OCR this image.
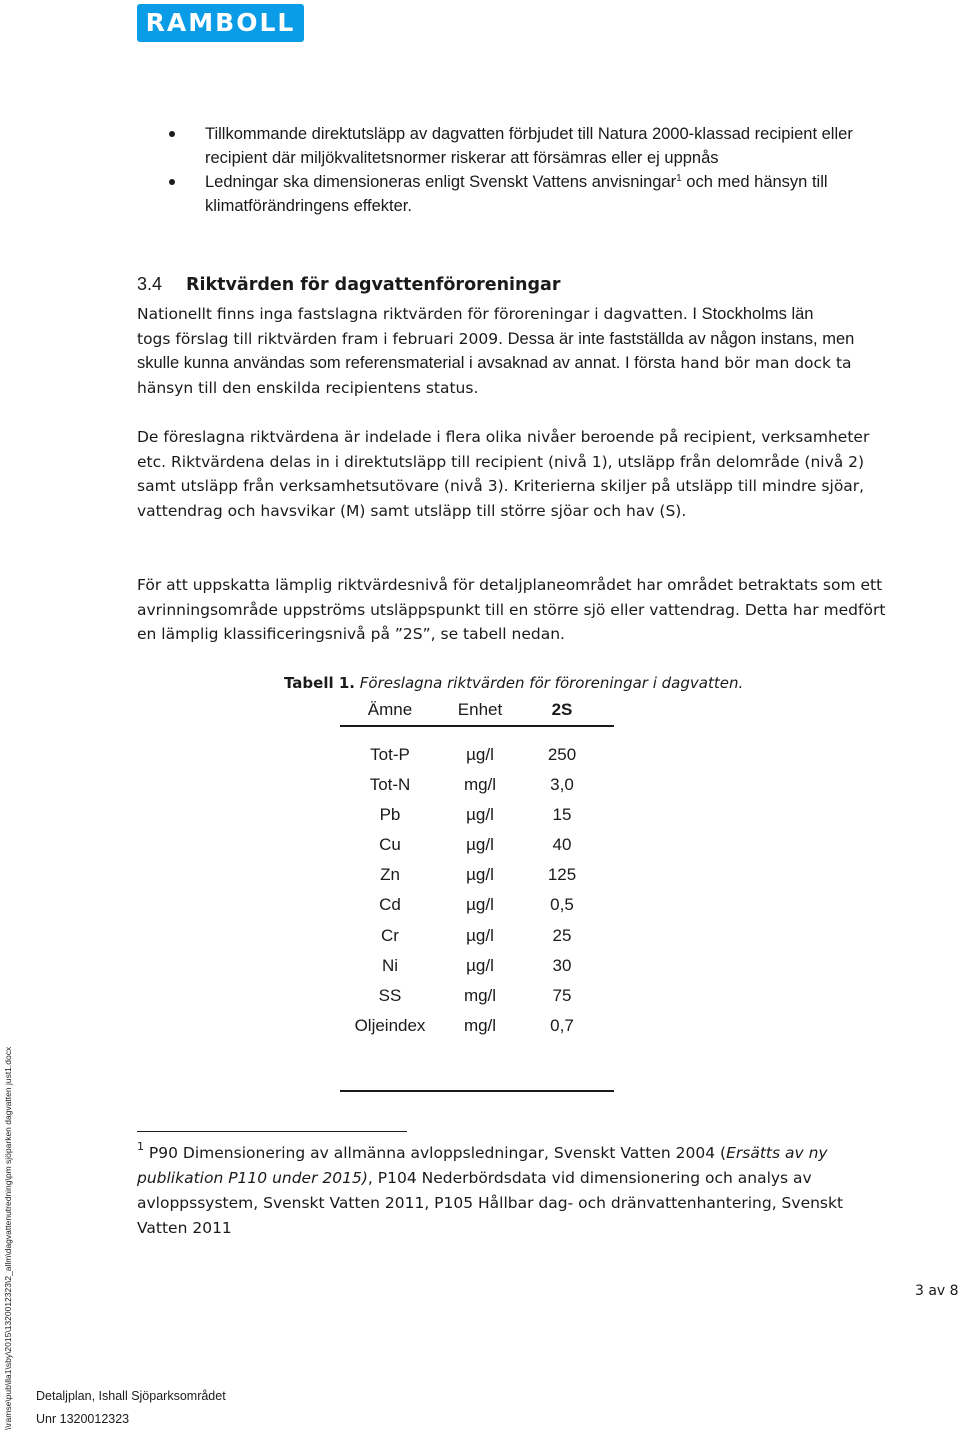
RAMBOLL
Tillkommande direktutsläpp av dagvatten förbjudet till Natura 2000-klassad recipient eller recipient där miljökvalitetsnormer riskerar att försämras eller ej uppnås
Ledningar ska dimensioneras enligt Svenskt Vattens anvisningar$^1$ och med hänsyn till klimatförändringens effekter.
3.4 Riktvärden för dagvattenföroreningar
Nationellt finns inga fastslagna riktvärden för föroreningar i dagvatten. I Stockholms län
togs förslag till riktvärden fram i februari 2009. Dessa är inte fastställda av någon instans, men skulle kunna användas som referensmaterial i avsaknad av annat. I första hand bör man dock ta hänsyn till den enskilda recipientens status.
De föreslagna riktvärdena är indelade i flera olika nivåer beroende på recipient, verksamheter etc. Riktvärdena delas in i direktutsläpp till recipient (nivå 1), utsläpp från delområde (nivå 2) samt utsläpp från verksamhetsutövare (nivå 3). Kriterierna skiljer på utsläpp till mindre sjöar, vattendrag och havsvikar (M) samt utsläpp till större sjöar och hav (S).
För att uppskatta lämplig riktvärdesnivå för detaljplaneområdet har området betraktats som ett avrinningsområde uppströms utsläppspunkt till en större sjö eller vattendrag. Detta har medfört en lämplig klassificeringsnivå på ”2S”, se tabell nedan.
Tabell 1. Föreslagna riktvärden för föroreningar i dagvatten.
Ämne	Enhet	2S
Tot-P	µg/l	250
Tot-N	mg/l	3,0
Pb	µg/l	15
Cu	µg/l	40
Zn	µg/l	125
Cd	µg/l	0,5
Cr	µg/l	25
Ni	µg/l	30
SS	mg/l	75
Oljeindex	mg/l	0,7
$^1$ P90 Dimensionering av allmänna avloppsledningar, Svenskt Vatten 2004 (Ersätts av ny publikation P110 under 2015), P104 Nederbördsdata vid dimensionering och analys av avloppssystem, Svenskt Vatten 2011, P105 Hållbar dag- och dränvattenhantering, Svenskt Vatten 2011
3 av 8
Detaljplan, Ishall Sjöparksområdet
Unr 1320012323
\\ramse\pub\lla1\sby\2015\1320012323\2_allm\dagvattenutredning\pm sjöparken dagvatten just1.docx
